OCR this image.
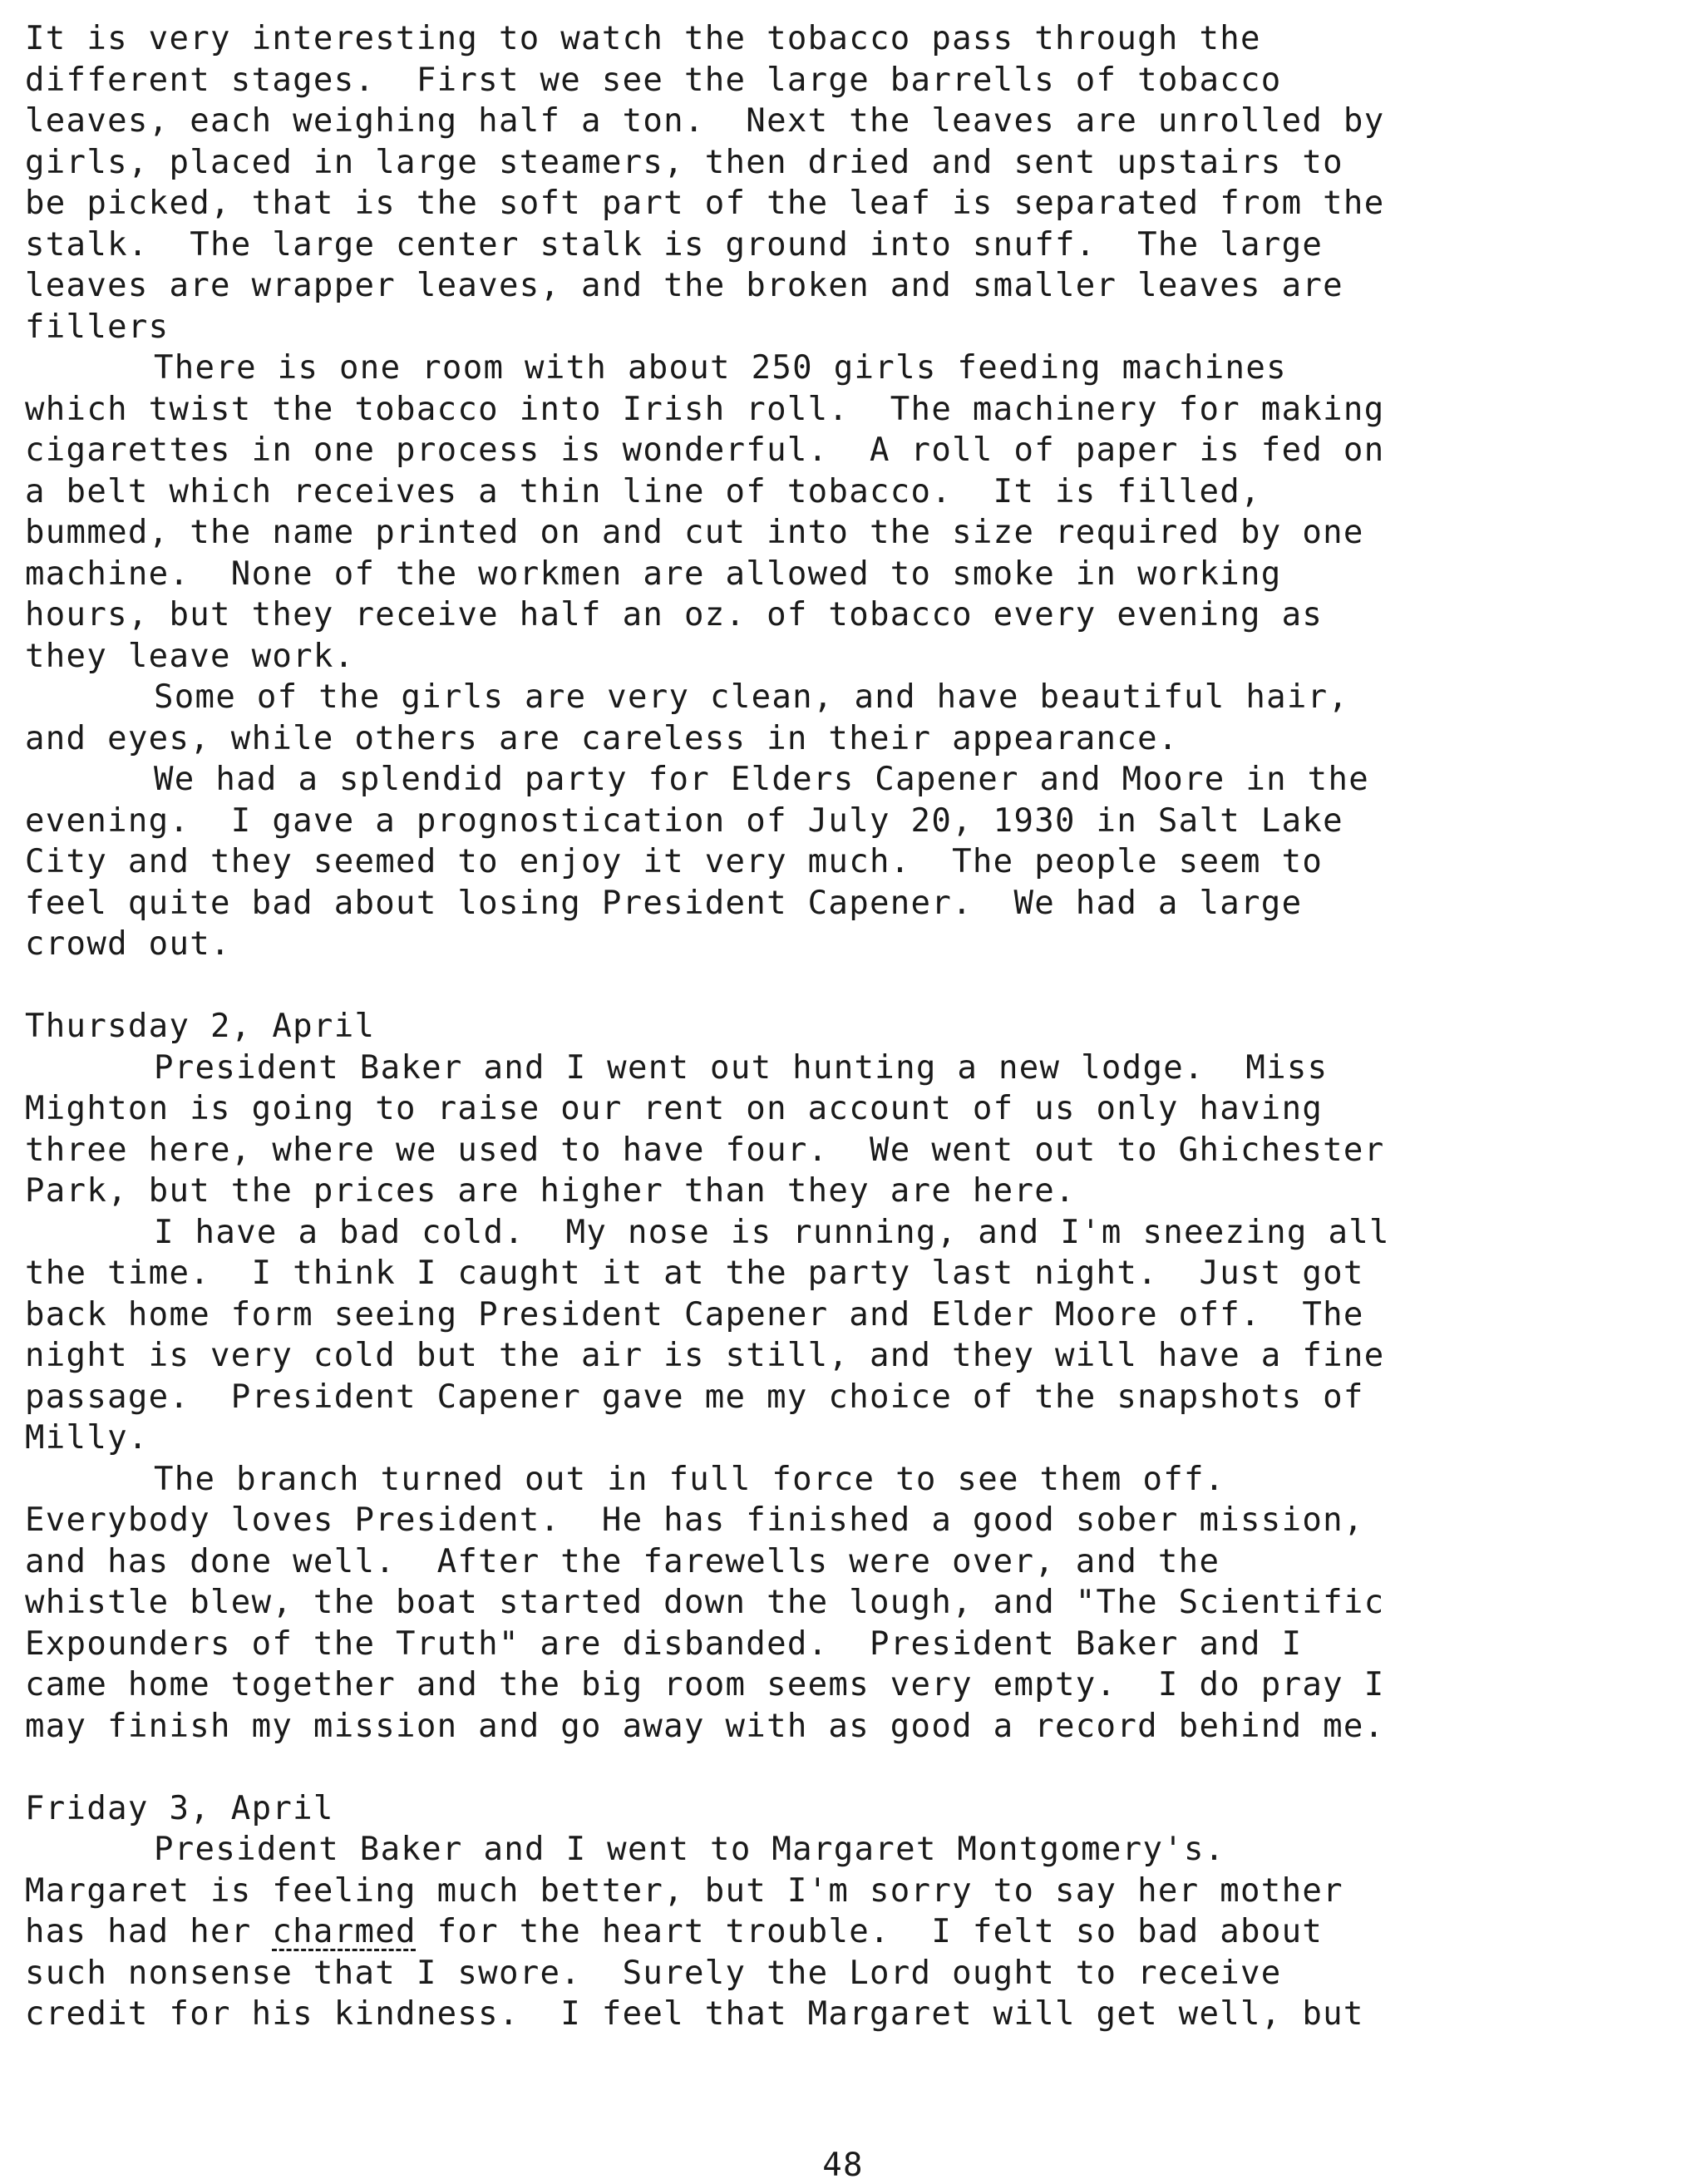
It is very interesting to watch the tobacco pass through the
different stages.  First we see the large barrells of tobacco
leaves, each weighing half a ton.  Next the leaves are unrolled by
girls, placed in large steamers, then dried and sent upstairs to
be picked, that is the soft part of the leaf is separated from the
stalk.  The large center stalk is ground into snuff.  The large
leaves are wrapper leaves, and the broken and smaller leaves are
fillers
There is one room with about 250 girls feeding machines
which twist the tobacco into Irish roll.  The machinery for making
cigarettes in one process is wonderful.  A roll of paper is fed on
a belt which receives a thin line of tobacco.  It is filled,
bummed, the name printed on and cut into the size required by one
machine.  None of the workmen are allowed to smoke in working
hours, but they receive half an oz. of tobacco every evening as
they leave work.
Some of the girls are very clean, and have beautiful hair,
and eyes, while others are careless in their appearance.
We had a splendid party for Elders Capener and Moore in the
evening.  I gave a prognostication of July 20, 1930 in Salt Lake
City and they seemed to enjoy it very much.  The people seem to
feel quite bad about losing President Capener.  We had a large
crowd out.

Thursday 2, April
President Baker and I went out hunting a new lodge.  Miss
Mighton is going to raise our rent on account of us only having
three here, where we used to have four.  We went out to Ghichester
Park, but the prices are higher than they are here.
I have a bad cold.  My nose is running, and I'm sneezing all
the time.  I think I caught it at the party last night.  Just got
back home form seeing President Capener and Elder Moore off.  The
night is very cold but the air is still, and they will have a fine
passage.  President Capener gave me my choice of the snapshots of
Milly.
The branch turned out in full force to see them off.
Everybody loves President.  He has finished a good sober mission,
and has done well.  After the farewells were over, and the
whistle blew, the boat started down the lough, and "The Scientific
Expounders of the Truth" are disbanded.  President Baker and I
came home together and the big room seems very empty.  I do pray I
may finish my mission and go away with as good a record behind me.

Friday 3, April
President Baker and I went to Margaret Montgomery's.
Margaret is feeling much better, but I'm sorry to say her mother
has had her charmed for the heart trouble.  I felt so bad about
such nonsense that I swore.  Surely the Lord ought to receive
credit for his kindness.  I feel that Margaret will get well, but
48
